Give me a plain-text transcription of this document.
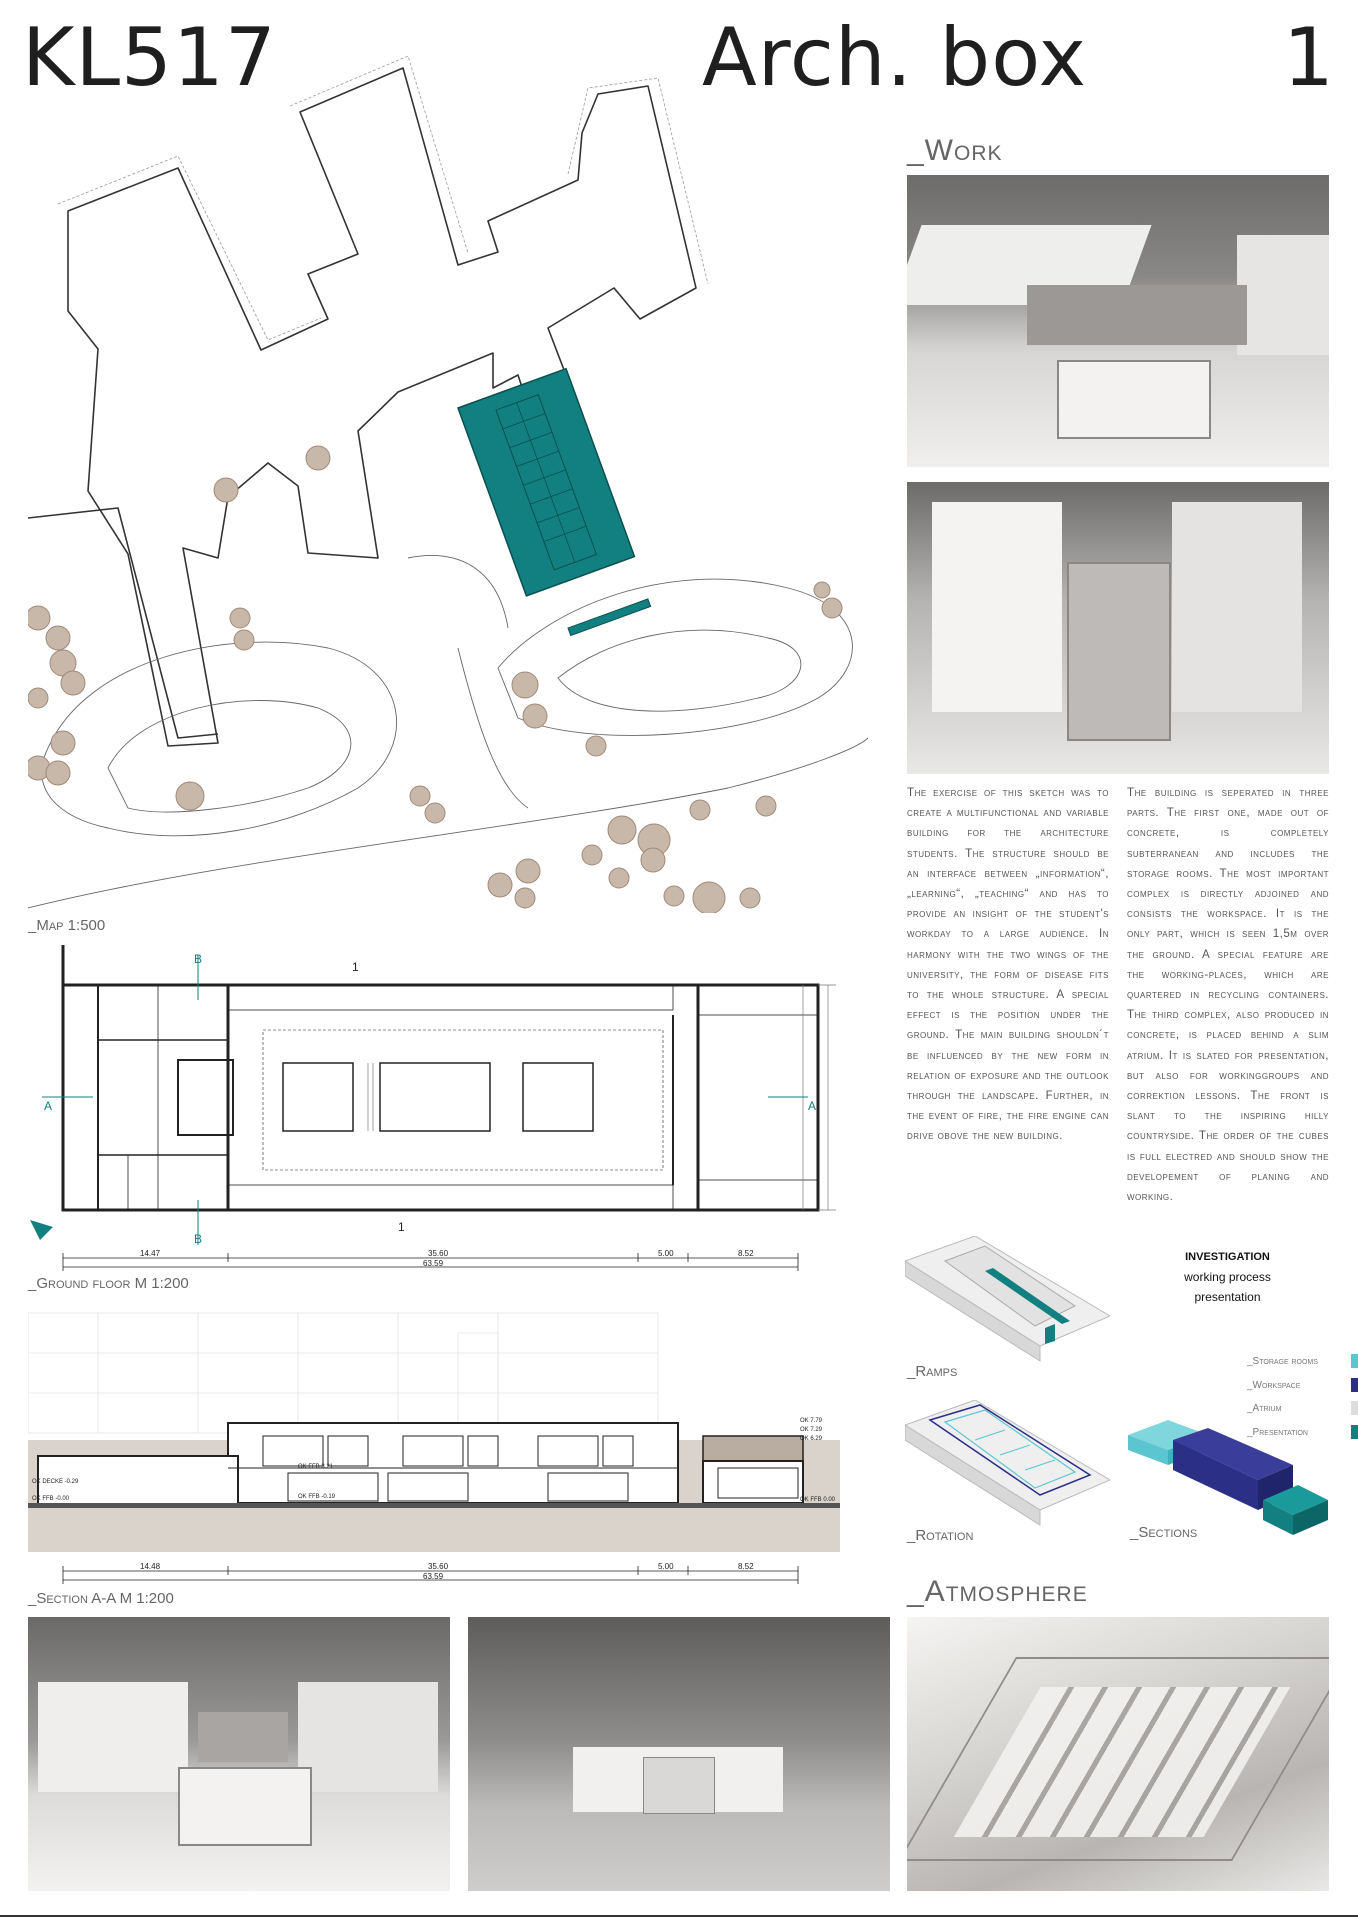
KL517	Arch. box 1
_Map 1:500
B
B
A	A
1
1
14.47	35.60	5.00	8.52
63.59
_Ground floor M 1:200
OK FFB 3.21
OK FFB -0.19
OK DECKE -0.29
OK FFB -0.00
OK 7.79
OK 7.29
OK 6.29
OK FFB 0.00
14.48	35.60	5.00	8.52
63.59
_Section A-A M 1:200
_Work
The exercise of this sketch was to create a multifunctional and variable building for the architecture students. The structure should be an interface between „information“, „learning“, „teaching“ and has to provide an insight of the student's workday to a large audience. In harmony with the two wings of the university, the form of disease fits to the whole structure. A special effect is the position under the ground. The main building shouldn´t be influenced by the new form in relation of exposure and the outlook through the landscape. Further, in the event of fire, the fire engine can drive obove the new building.
The building is seperated in three parts. The first one, made out of concrete, is completely subterranean and includes the storage rooms. The most important complex is directly adjoined and consists the workspace. It is the only part, which is seen 1,5m over the ground. A special feature are the working-places, which are quartered in recycling containers. The third complex, also produced in concrete, is placed behind a slim atrium. It is slated for presentation, but also for workinggroups and correktion lessons. The front is slant to the inspiring hilly countryside. The order of the cubes is full electred and should show the developement of planing and working.
INVESTIGATION
working process
presentation
_Ramps
_Rotation
_Storage rooms
_Workspace
_Atrium
_Presentation
_Sections
_Atmosphere
